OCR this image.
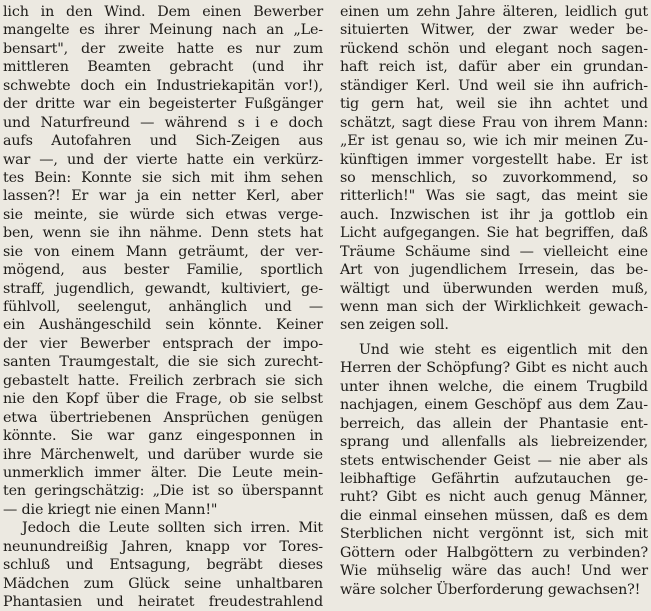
lich in den Wind. Dem einen Bewerber
mangelte es ihrer Meinung nach an „Le-
bensart", der zweite hatte es nur zum
mittleren Beamten gebracht (und ihr
schwebte doch ein Industriekapitän vor!),
der dritte war ein begeisterter Fußgänger
und Naturfreund — während s i e doch
aufs Autofahren und Sich-Zeigen aus
war —, und der vierte hatte ein verkürz-
tes Bein: Konnte sie sich mit ihm sehen
lassen?! Er war ja ein netter Kerl, aber
sie meinte, sie würde sich etwas verge-
ben, wenn sie ihn nähme. Denn stets hat
sie von einem Mann geträumt, der ver-
mögend, aus bester Familie, sportlich
straff, jugendlich, gewandt, kultiviert, ge-
fühlvoll, seelengut, anhänglich und —
ein Aushängeschild sein könnte. Keiner
der vier Bewerber entsprach der impo-
santen Traumgestalt, die sie sich zurecht-
gebastelt hatte. Freilich zerbrach sie sich
nie den Kopf über die Frage, ob sie selbst
etwa übertriebenen Ansprüchen genügen
könnte. Sie war ganz eingesponnen in
ihre Märchenwelt, und darüber wurde sie
unmerklich immer älter. Die Leute mein-
ten geringschätzig: „Die ist so überspannt
— die kriegt nie einen Mann!"
Jedoch die Leute sollten sich irren. Mit
neunundreißig Jahren, knapp vor Tores-
schluß und Entsagung, begräbt dieses
Mädchen zum Glück seine unhaltbaren
Phantasien und heiratet freudestrahlend
einen um zehn Jahre älteren, leidlich gut
situierten Witwer, der zwar weder be-
rückend schön und elegant noch sagen-
haft reich ist, dafür aber ein grundan-
ständiger Kerl. Und weil sie ihn aufrich-
tig gern hat, weil sie ihn achtet und
schätzt, sagt diese Frau von ihrem Mann:
„Er ist genau so, wie ich mir meinen Zu-
künftigen immer vorgestellt habe. Er ist
so menschlich, so zuvorkommend, so
ritterlich!" Was sie sagt, das meint sie
auch. Inzwischen ist ihr ja gottlob ein
Licht aufgegangen. Sie hat begriffen, daß
Träume Schäume sind — vielleicht eine
Art von jugendlichem Irresein, das be-
wältigt und überwunden werden muß,
wenn man sich der Wirklichkeit gewach-
sen zeigen soll.
Und wie steht es eigentlich mit den
Herren der Schöpfung? Gibt es nicht auch
unter ihnen welche, die einem Trugbild
nachjagen, einem Geschöpf aus dem Zau-
berreich, das allein der Phantasie ent-
sprang und allenfalls als liebreizender,
stets entwischender Geist — nie aber als
leibhaftige Gefährtin aufzutauchen ge-
ruht? Gibt es nicht auch genug Männer,
die einmal einsehen müssen, daß es dem
Sterblichen nicht vergönnt ist, sich mit
Göttern oder Halbgöttern zu verbinden?
Wie mühselig wäre das auch! Und wer
wäre solcher Überforderung gewachsen?!
